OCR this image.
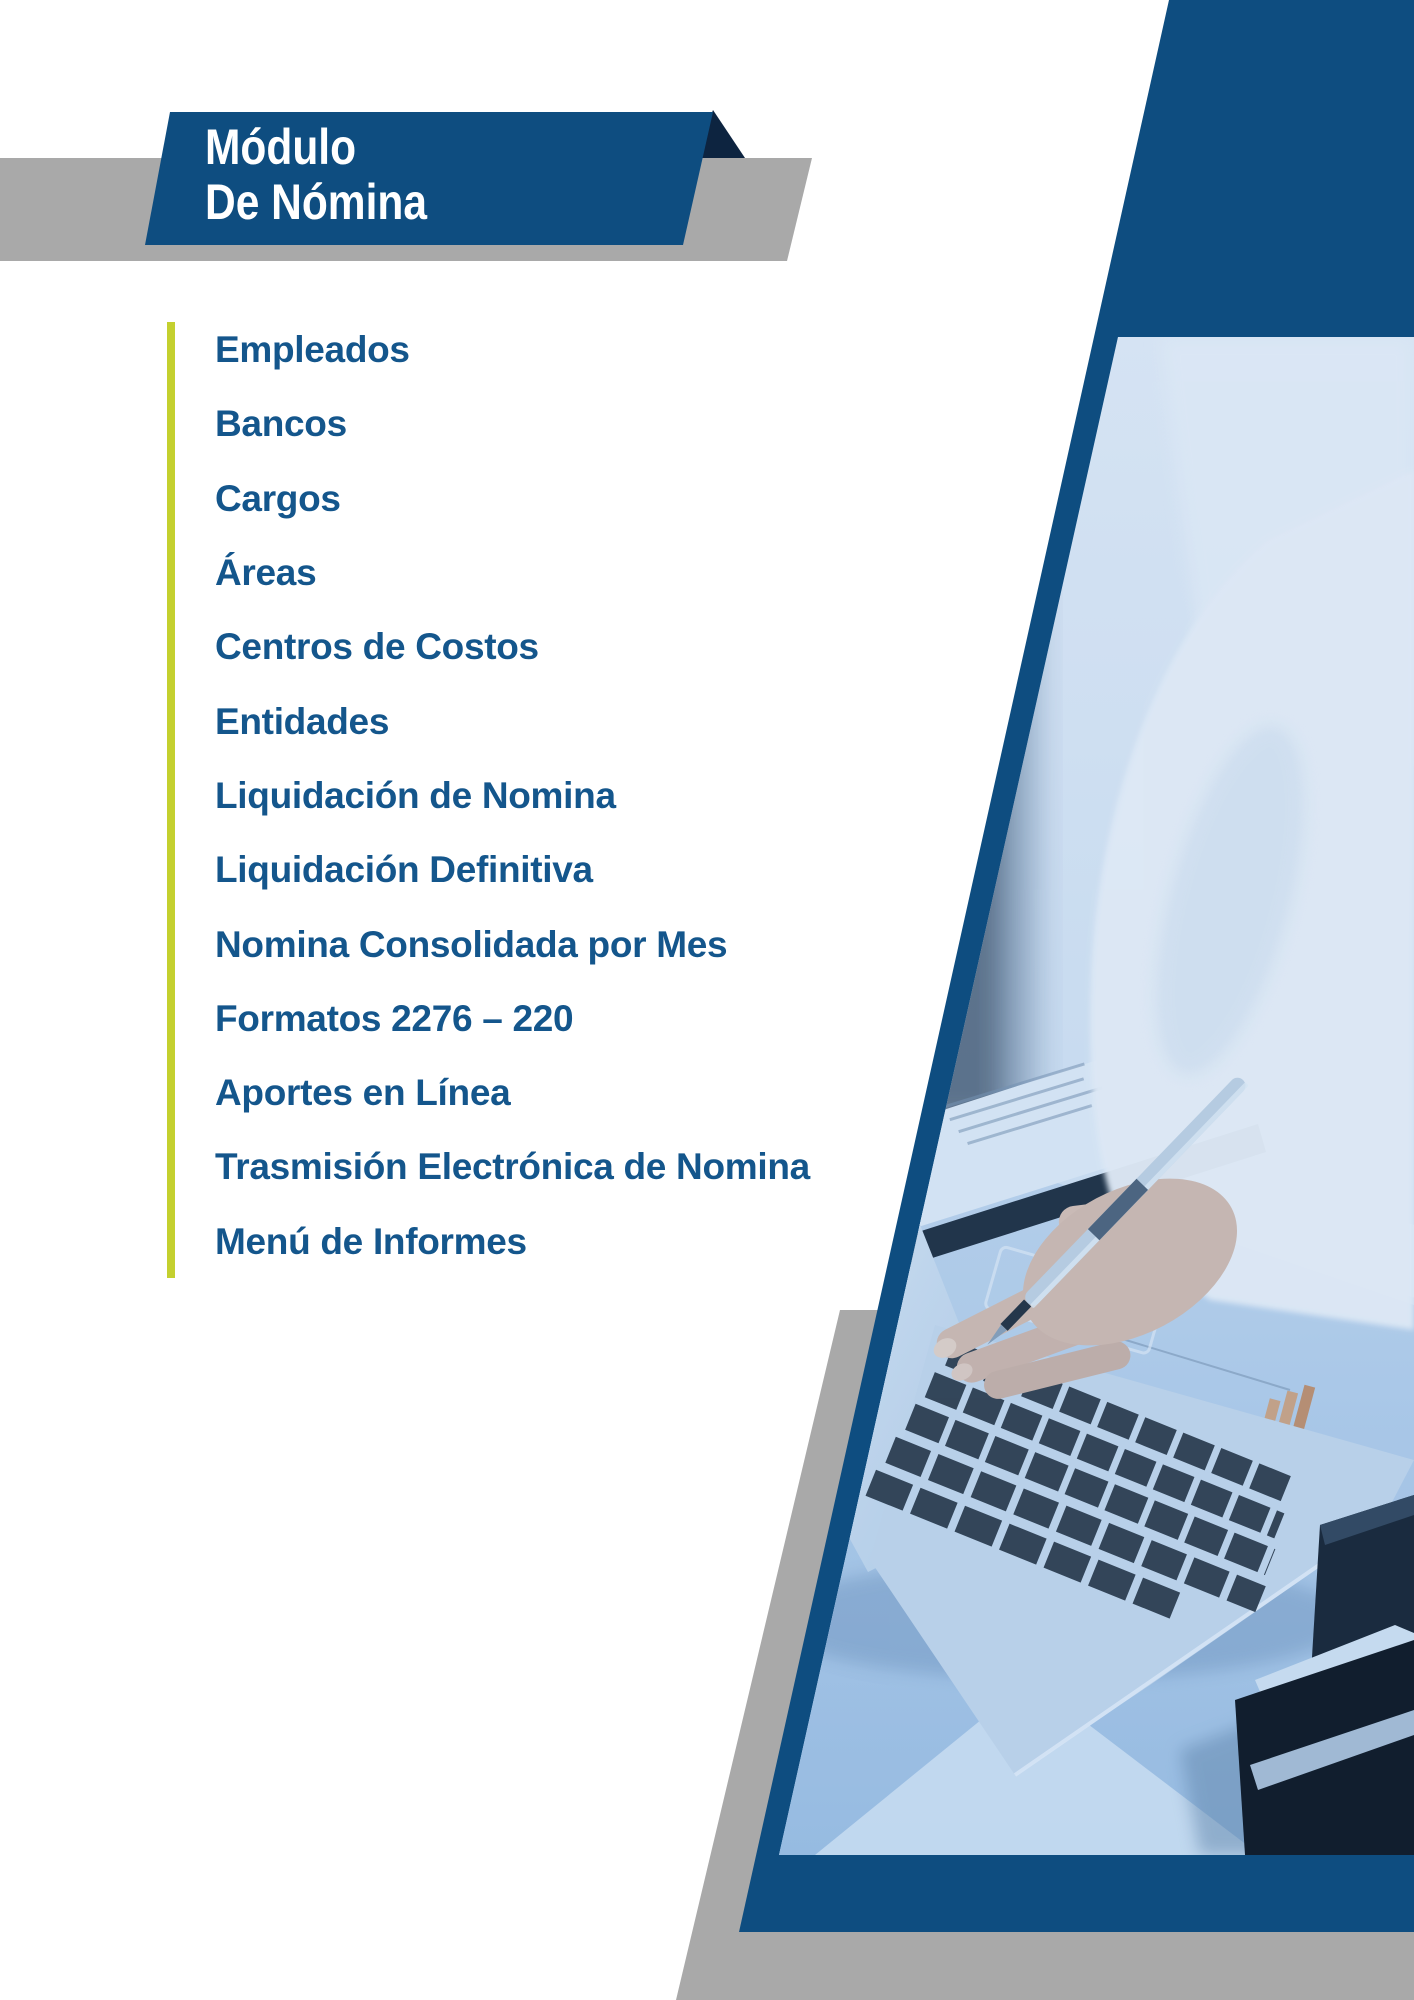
Módulo
De Nómina
Empleados
Bancos
Cargos
Áreas
Centros de Costos
Entidades
Liquidación de Nomina
Liquidación Definitiva
Nomina Consolidada por Mes
Formatos 2276 – 220
Aportes en Línea
Trasmisión Electrónica de Nomina
Menú de Informes
